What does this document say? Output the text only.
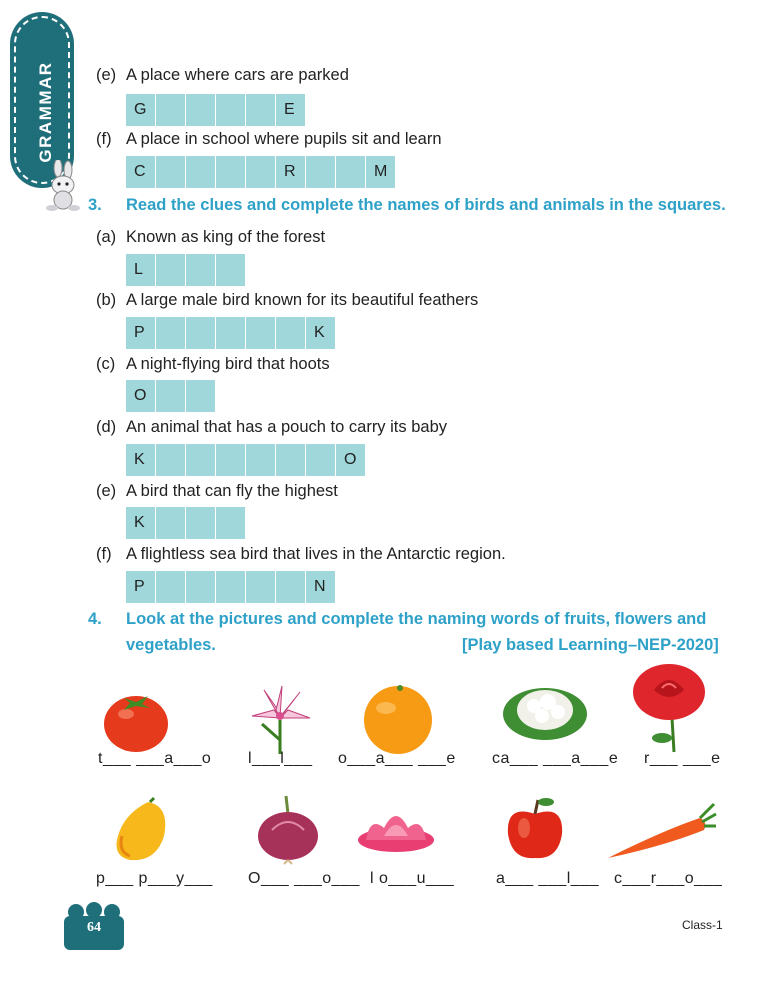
GRAMMAR (e) A place where cars are parked
G	E
(f) A place in school where pupils sit and learn
C	R	M
3. Read the clues and complete the names of birds and animals in the squares.
(a) Known as king of the forest
L
(b) A large male bird known for its beautiful feathers
P	K
(c) A night-flying bird that hoots
O
(d) An animal that has a pouch to carry its baby
K	O
(e) A bird that can fly the highest
K
(f) A flightless sea bird that lives in the Antarctic region.
P	N
4. Look at the pictures and complete the naming words of fruits, flowers and
vegetables.	[Play based Learning–NEP-2020]
t___ ___a___o l___l___ o___a___ ___e ca___ ___a___e r___ ___e
p___ p___y___ O___ ___o___ l o___u___	a___ ___l___ c___r___o___
64	Class-1
